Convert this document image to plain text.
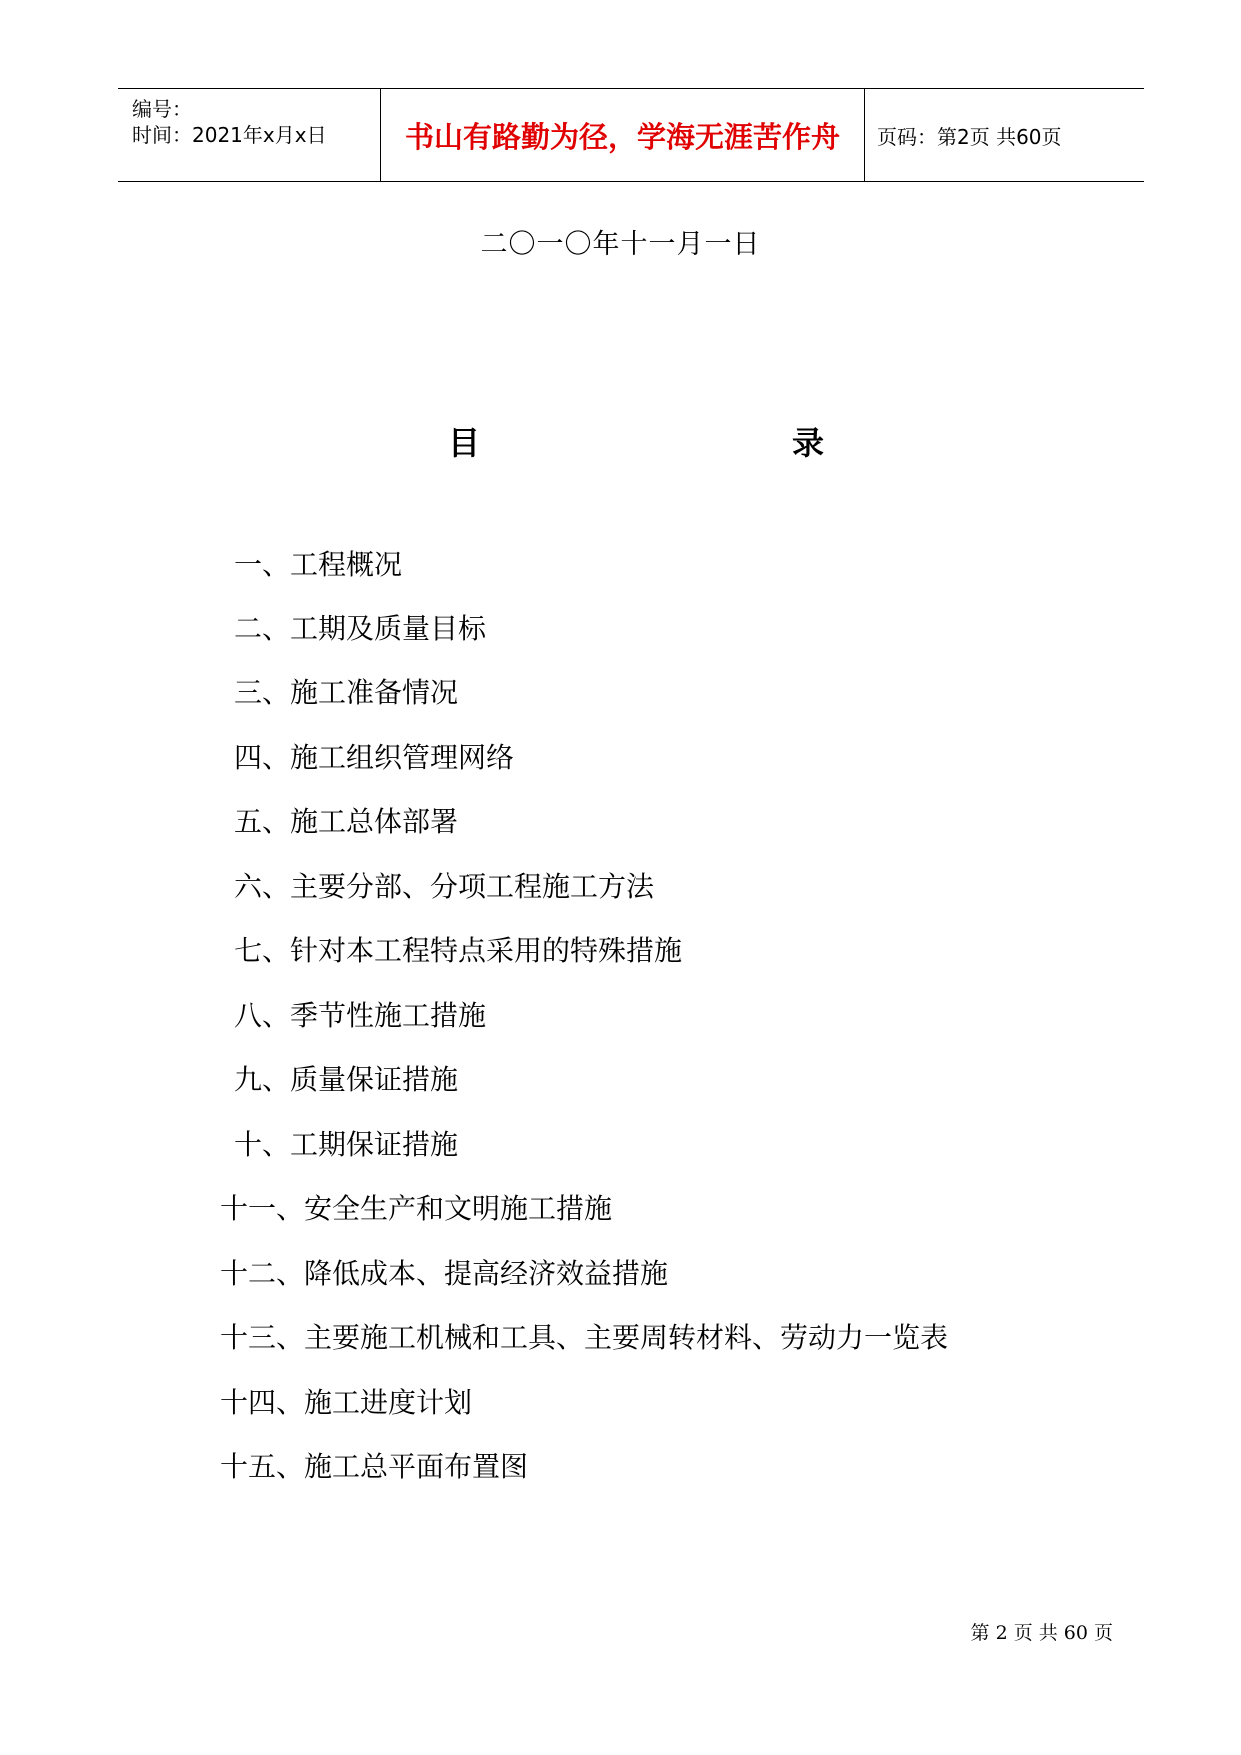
编号：
时间：2021年x月x日	书山有路勤为径，学海无涯苦作舟 页码：第2页 共60页
二〇一〇年十一月一日
目	录
一、工程概况
二、工期及质量目标
三、施工准备情况
四、施工组织管理网络
五、施工总体部署
六、主要分部、分项工程施工方法
七、针对本工程特点采用的特殊措施
八、季节性施工措施
九、质量保证措施
十、工期保证措施
十一、安全生产和文明施工措施
十二、降低成本、提高经济效益措施
十三、主要施工机械和工具、主要周转材料、劳动力一览表
十四、施工进度计划
十五、施工总平面布置图
第 2 页 共 60 页
